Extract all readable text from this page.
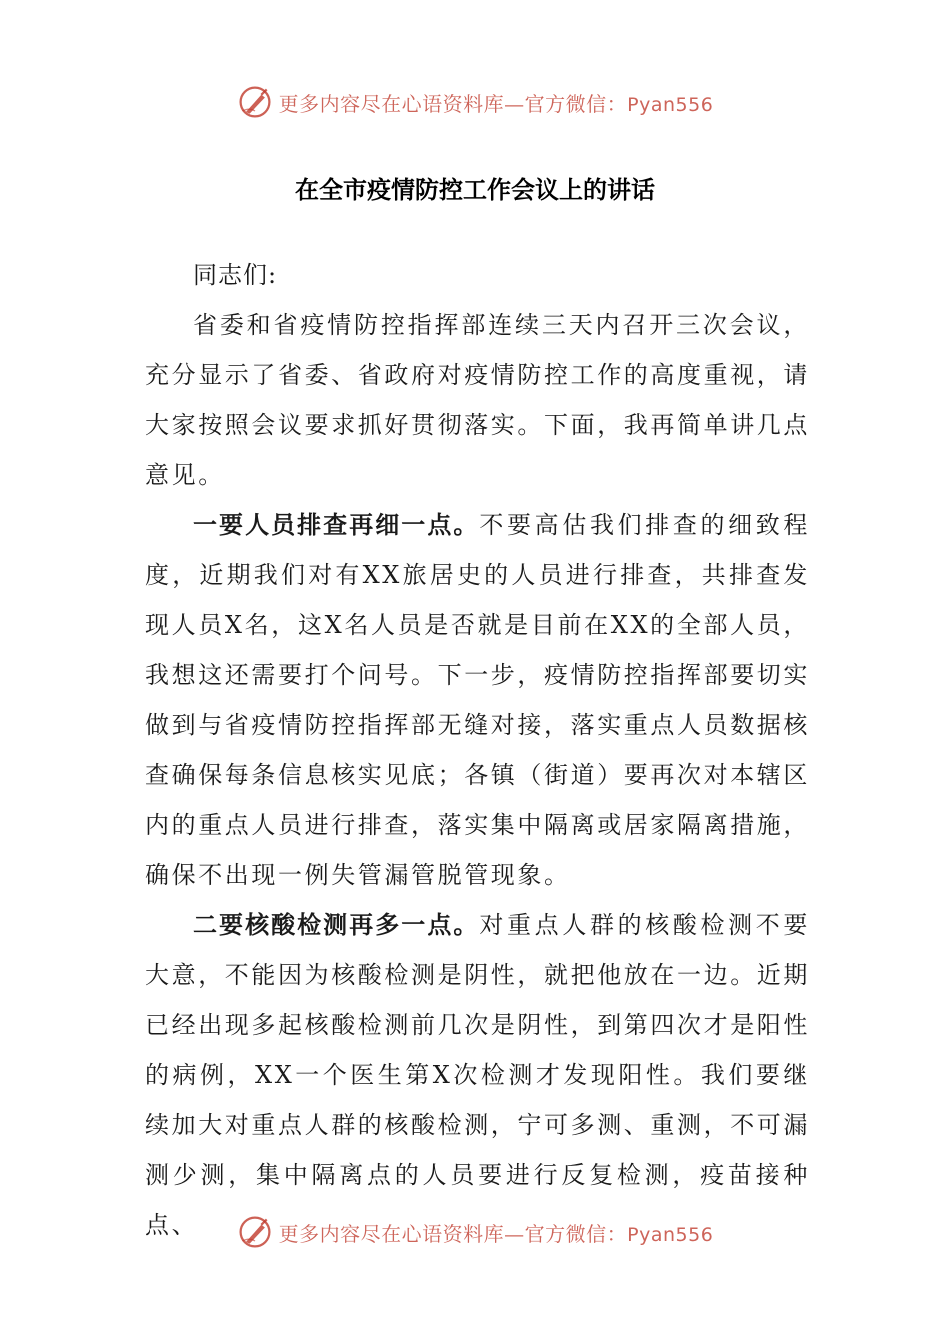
更多内容尽在心语资料库—官方微信：Pyan556
在全市疫情防控工作会议上的讲话

同志们:

省委和省疫情防控指挥部连续三天内召开三次会议，充分显示了省委、省政府对疫情防控工作的高度重视，请大家按照会议要求抓好贯彻落实。下面，我再简单讲几点意见。

一要人员排查再细一点。不要高估我们排查的细致程度，近期我们对有XX旅居史的人员进行排查，共排查发现人员X名，这X名人员是否就是目前在XX的全部人员，我想这还需要打个问号。下一步，疫情防控指挥部要切实做到与省疫情防控指挥部无缝对接，落实重点人员数据核查确保每条信息核实见底；各镇（街道）要再次对本辖区内的重点人员进行排查，落实集中隔离或居家隔离措施，确保不出现一例失管漏管脱管现象。

二要核酸检测再多一点。对重点人群的核酸检测不要大意，不能因为核酸检测是阴性，就把他放在一边。近期已经出现多起核酸检测前几次是阴性，到第四次才是阳性的病例，XX一个医生第X次检测才发现阳性。我们要继续加大对重点人群的核酸检测，宁可多测、重测，不可漏测少测，集中隔离点的人员要进行反复检测，疫苗接种点、	更多内容尽在心语资料库—官方微信：Pyan556
